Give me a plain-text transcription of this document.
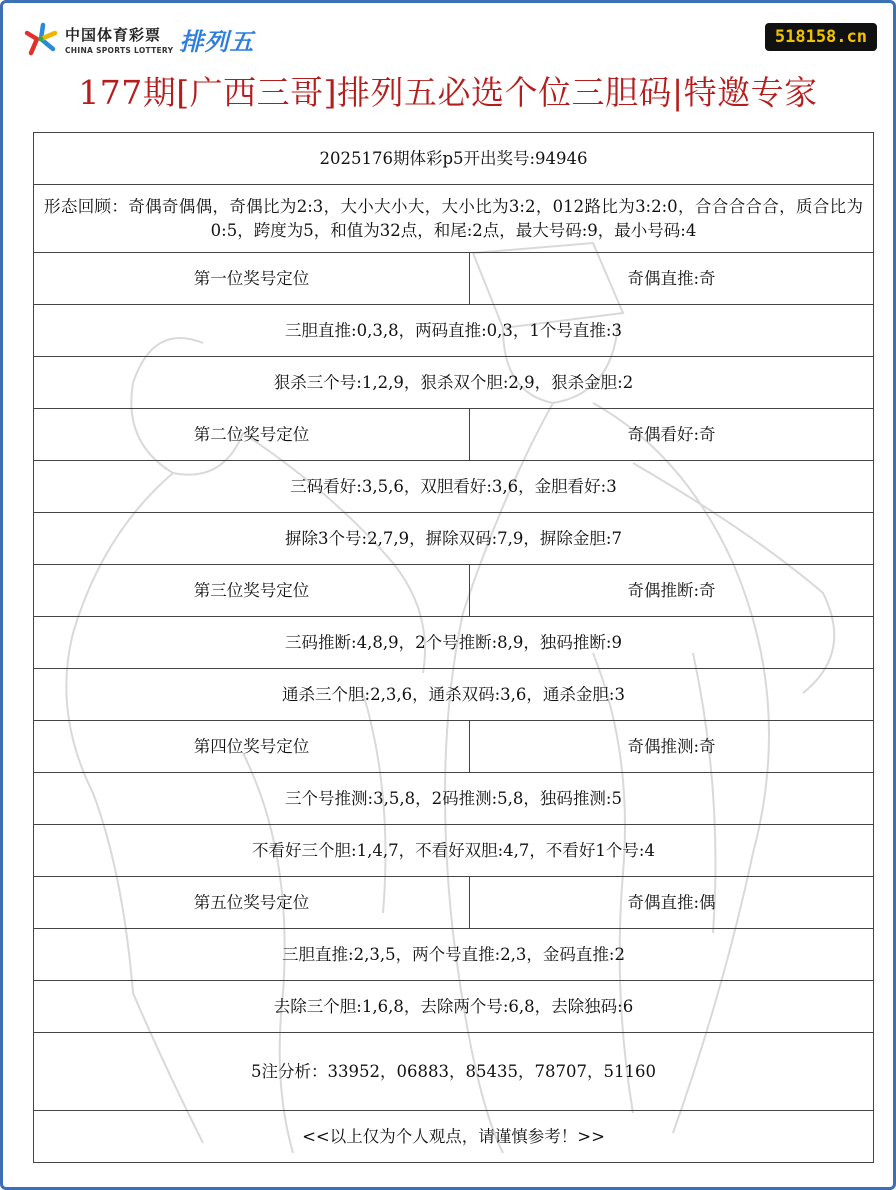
中国体育彩票
CHINA SPORTS LOTTERY 排列五	518158.cn
177期[广西三哥]排列五必选个位三胆码|特邀专家
2025176期体彩p5开出奖号:94946
形态回顾：奇偶奇偶偶，奇偶比为2:3，大小大小大，大小比为3:2，012路比为3:2:0，合合合合合，质合比为0:5，跨度为5，和值为32点，和尾:2点，最大号码:9，最小号码:4
第一位奖号定位	奇偶直推:奇
三胆直推:0,3,8，两码直推:0,3，1个号直推:3
狠杀三个号:1,2,9，狠杀双个胆:2,9，狠杀金胆:2
第二位奖号定位	奇偶看好:奇
三码看好:3,5,6，双胆看好:3,6，金胆看好:3
摒除3个号:2,7,9，摒除双码:7,9，摒除金胆:7
第三位奖号定位	奇偶推断:奇
三码推断:4,8,9，2个号推断:8,9，独码推断:9
通杀三个胆:2,3,6，通杀双码:3,6，通杀金胆:3
第四位奖号定位	奇偶推测:奇
三个号推测:3,5,8，2码推测:5,8，独码推测:5
不看好三个胆:1,4,7，不看好双胆:4,7，不看好1个号:4
第五位奖号定位	奇偶直推:偶
三胆直推:2,3,5，两个号直推:2,3，金码直推:2
去除三个胆:1,6,8，去除两个号:6,8，去除独码:6
5注分析：33952，06883，85435，78707，51160
<<以上仅为个人观点，请谨慎参考！>>
